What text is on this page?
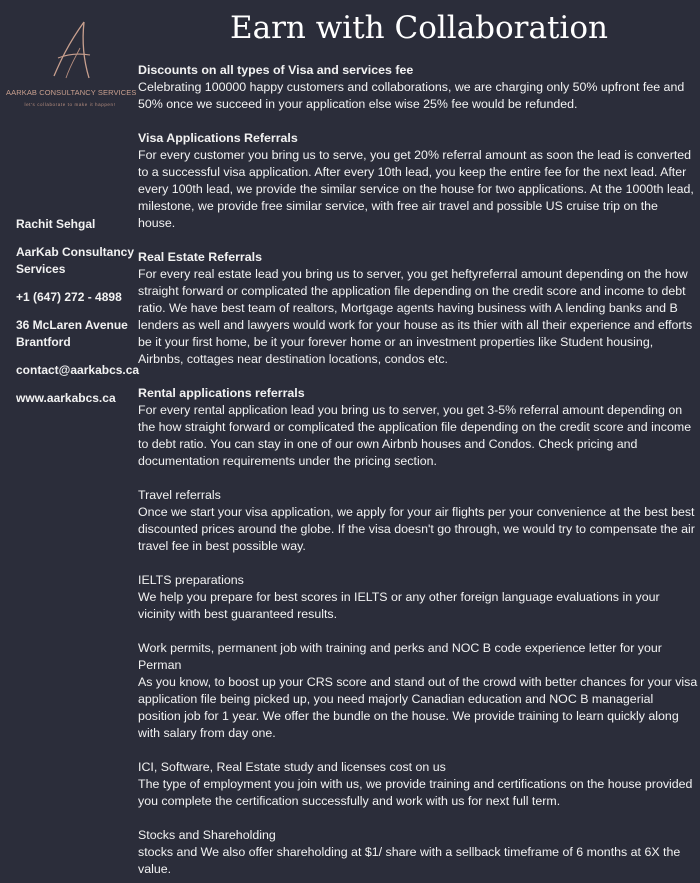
AARKAB CONSULTANCY SERVICES
let's collaborate to make it happen!
Earn with Collaboration

Rachit Sehgal

AarKab Consultancy Services

+1 (647) 272 - 4898

36 McLaren Avenue Brantford

contact@aarkabcs.ca

www.aarkabcs.ca

Discounts on all types of Visa and services fee

Celebrating 100000 happy customers and collaborations, we are charging only 50% upfront fee and 50% once we succeed in your application else wise 25% fee would be refunded.

Visa Applications Referrals

For every customer you bring us to serve, you get 20% referral amount as soon the lead is converted to a successful visa application. After every 10th lead, you keep the entire fee for the next lead. After every 100th lead, we provide the similar service on the house for two applications. At the 1000th lead, milestone, we provide free similar service, with free air travel and possible US cruise trip on the house.

Real Estate Referrals

For every real estate lead you bring us to server, you get heftyreferral amount depending on the how straight forward or complicated the application file depending on the credit score and income to debt ratio. We have best team of realtors, Mortgage agents having business with A lending banks and B lenders as well and lawyers would work for your house as its thier with all their experience and efforts be it your first home, be it your forever home or an investment properties like Student housing, Airbnbs, cottages near destination locations, condos etc.

Rental applications referrals

For every rental application lead you bring us to server, you get 3-5% referral amount depending on the how straight forward or complicated the application file depending on the credit score and income to debt ratio. You can stay in one of our own Airbnb houses and Condos. Check pricing and documentation requirements under the pricing section.

Travel referrals

Once we start your visa application, we apply for your air flights per your convenience at the best best discounted prices around the globe. If the visa doesn't go through, we would try to compensate the air travel fee in best possible way.

IELTS preparations

We help you prepare for best scores in IELTS or any other foreign language evaluations in your vicinity with best guaranteed results.

Work permits, permanent job with training and perks and NOC B code experience letter for your Perman

As you know, to boost up your CRS score and stand out of the crowd with better chances for your visa application file being picked up, you need majorly Canadian education and NOC B managerial position job for 1 year. We offer the bundle on the house. We provide training to learn quickly along with salary from day one.

ICI, Software, Real Estate study and licenses cost on us

The type of employment you join with us, we provide training and certifications on the house provided you complete the certification successfully and work with us for next full term.

Stocks and Shareholding

stocks and We also offer shareholding at $1/ share with a sellback timeframe of 6 months at 6X the value.
